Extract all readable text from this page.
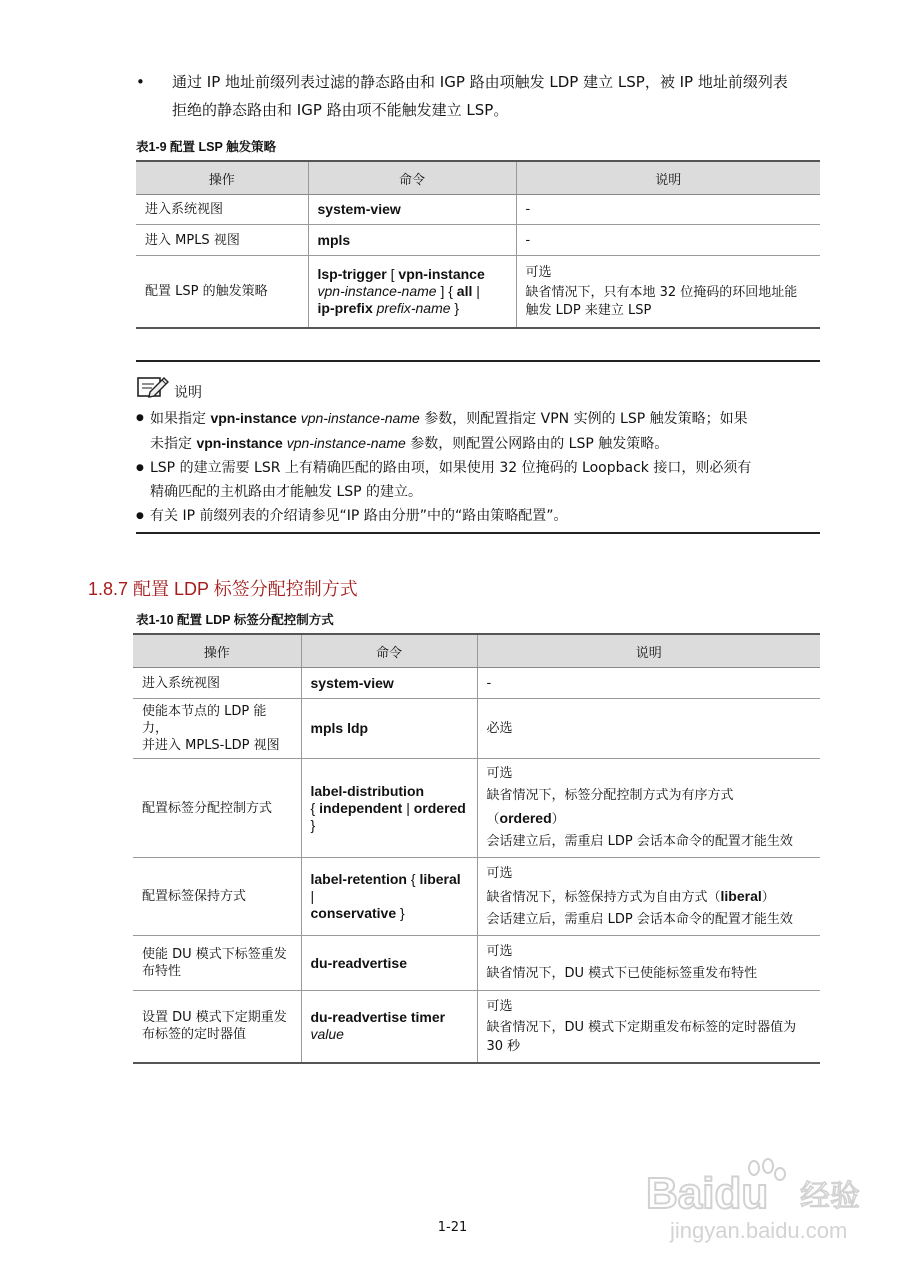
• 通过 IP 地址前缀列表过滤的静态路由和 IGP 路由项触发 LDP 建立 LSP，被 IP 地址前缀列表
拒绝的静态路由和 IGP 路由项不能触发建立 LSP。
表1-9 配置 LSP 触发策略
操作	命令	说明
进入系统视图	system-view	-
进入 MPLS 视图	mpls	-
配置 LSP 的触发策略	lsp-trigger [ vpn-instance
vpn-instance-name ] { all |
ip-prefix prefix-name }	可选
缺省情况下，只有本地 32 位掩码的环回地址能
触发 LDP 来建立 LSP
说明
● 如果指定 vpn-instance vpn-instance-name 参数，则配置指定 VPN 实例的 LSP 触发策略；如果
未指定 vpn-instance vpn-instance-name 参数，则配置公网路由的 LSP 触发策略。
● LSP 的建立需要 LSR 上有精确匹配的路由项，如果使用 32 位掩码的 Loopback 接口，则必须有
精确匹配的主机路由才能触发 LSP 的建立。
● 有关 IP 前缀列表的介绍请参见“IP 路由分册”中的“路由策略配置”。
1.8.7 配置 LDP 标签分配控制方式
表1-10 配置 LDP 标签分配控制方式
操作	命令	说明
进入系统视图	system-view	-

使能本节点的 LDP 能力，
并进入 MPLS-LDP 视图	mpls ldp	必选
配置标签分配控制方式	label-distribution
{ independent | ordered }	可选
缺省情况下，标签分配控制方式为有序方式（ordered）
会话建立后，需重启 LDP 会话本命令的配置才能生效

配置标签保持方式	label-retention { liberal |
conservative }	可选
缺省情况下，标签保持方式为自由方式（liberal）
会话建立后，需重启 LDP 会话本命令的配置才能生效

使能 DU 模式下标签重发
布特性	du-readvertise	可选
缺省情况下，DU 模式下已使能标签重发布特性

设置 DU 模式下定期重发
布标签的定时器值	du-readvertise timer
value	可选
缺省情况下，DU 模式下定期重发布标签的定时器值为
30 秒
1-21
Baidu 经验
jingyan.baidu.com
